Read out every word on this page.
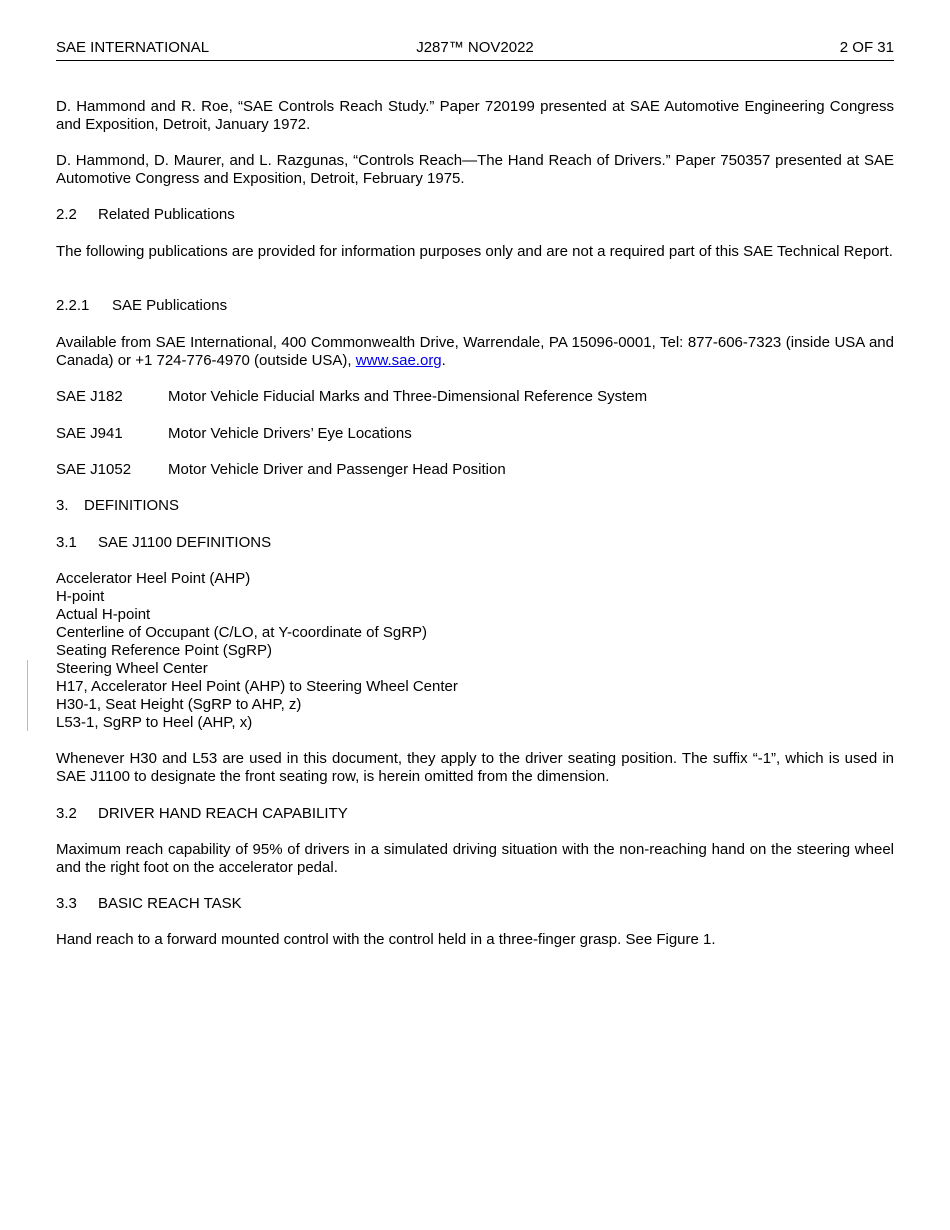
SAE INTERNATIONAL	J287™ NOV2022	2 OF 31

D. Hammond and R. Roe, “SAE Controls Reach Study.” Paper 720199 presented at SAE Automotive Engineering Congress and Exposition, Detroit, January 1972.

D. Hammond, D. Maurer, and L. Razgunas, “Controls Reach—The Hand Reach of Drivers.” Paper 750357 presented at SAE Automotive Congress and Exposition, Detroit, February 1975.

2.2 Related Publications

The following publications are provided for information purposes only and are not a required part of this SAE Technical Report.

2.2.1 SAE Publications

Available from SAE International, 400 Commonwealth Drive, Warrendale, PA 15096-0001, Tel: 877-606-7323 (inside USA and Canada) or +1 724-776-4970 (outside USA), www.sae.org.

SAE J182	Motor Vehicle Fiducial Marks and Three-Dimensional Reference System
SAE J941	Motor Vehicle Drivers’ Eye Locations
SAE J1052 Motor Vehicle Driver and Passenger Head Position
3. DEFINITIONS
3.1 SAE J1100 DEFINITIONS
Accelerator Heel Point (AHP)
H-point
Actual H-point
Centerline of Occupant (C/LO, at Y-coordinate of SgRP)
Seating Reference Point (SgRP)
Steering Wheel Center
H17, Accelerator Heel Point (AHP) to Steering Wheel Center
H30-1, Seat Height (SgRP to AHP, z)
L53-1, SgRP to Heel (AHP, x)

Whenever H30 and L53 are used in this document, they apply to the driver seating position. The suffix “-1”, which is used in SAE J1100 to designate the front seating row, is herein omitted from the dimension.

3.2 DRIVER HAND REACH CAPABILITY

Maximum reach capability of 95% of drivers in a simulated driving situation with the non-reaching hand on the steering wheel and the right foot on the accelerator pedal.

3.3 BASIC REACH TASK

Hand reach to a forward mounted control with the control held in a three-finger grasp. See Figure 1.
